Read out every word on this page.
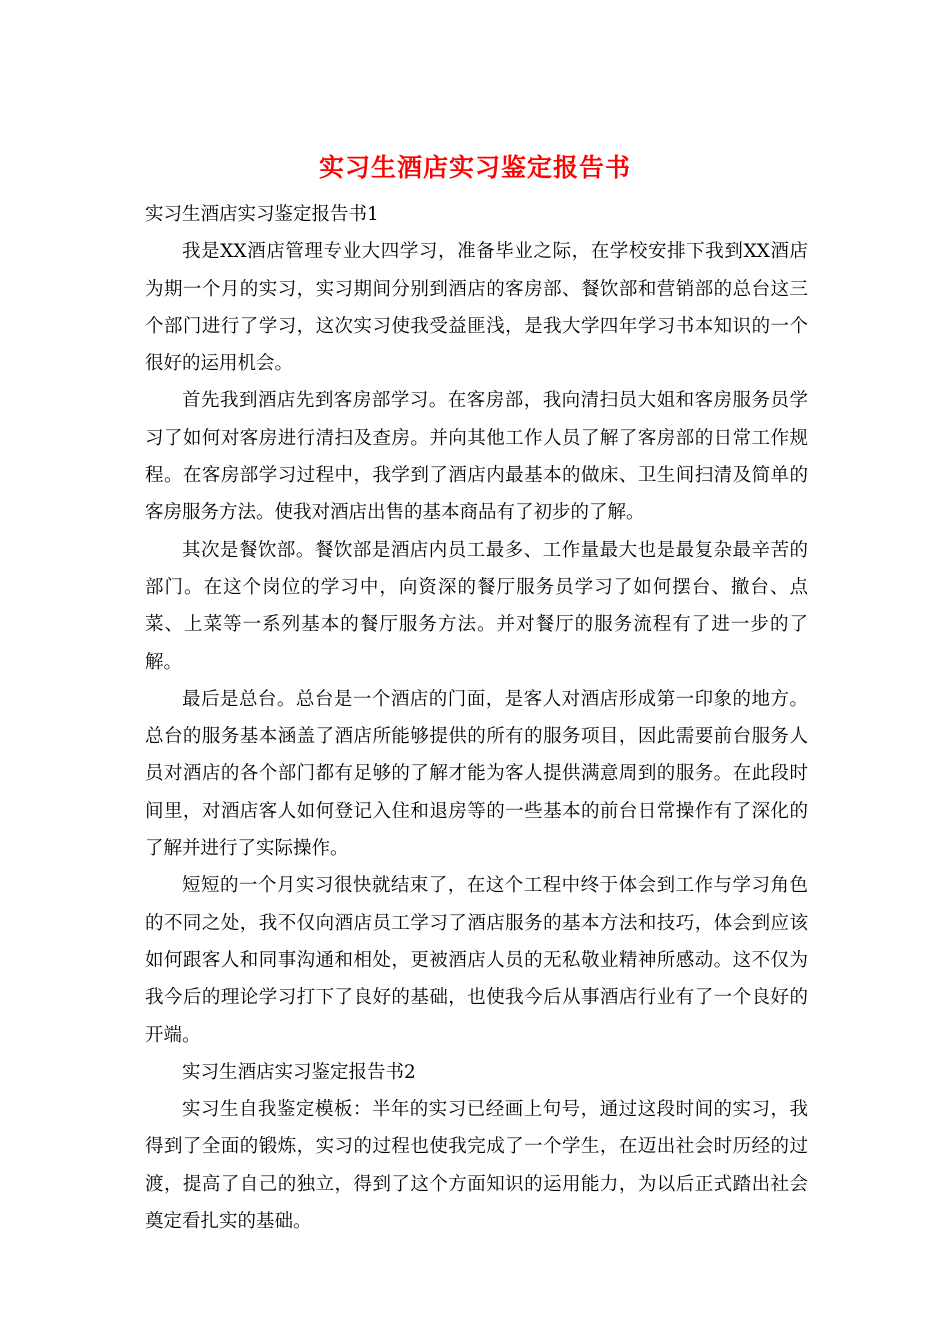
实习生酒店实习鉴定报告书

实习生酒店实习鉴定报告书1

我是XX酒店管理专业大四学习，准备毕业之际，在学校安排下我到XX酒店为期一个月的实习，实习期间分别到酒店的客房部、餐饮部和营销部的总台这三个部门进行了学习，这次实习使我受益匪浅，是我大学四年学习书本知识的一个很好的运用机会。

首先我到酒店先到客房部学习。在客房部，我向清扫员大姐和客房服务员学习了如何对客房进行清扫及查房。并向其他工作人员了解了客房部的日常工作规程。在客房部学习过程中，我学到了酒店内最基本的做床、卫生间扫清及简单的客房服务方法。使我对酒店出售的基本商品有了初步的了解。

其次是餐饮部。餐饮部是酒店内员工最多、工作量最大也是最复杂最辛苦的部门。在这个岗位的学习中，向资深的餐厅服务员学习了如何摆台、撤台、点菜、上菜等一系列基本的餐厅服务方法。并对餐厅的服务流程有了进一步的了解。

最后是总台。总台是一个酒店的门面，是客人对酒店形成第一印象的地方。总台的服务基本涵盖了酒店所能够提供的所有的服务项目，因此需要前台服务人员对酒店的各个部门都有足够的了解才能为客人提供满意周到的服务。在此段时间里，对酒店客人如何登记入住和退房等的一些基本的前台日常操作有了深化的了解并进行了实际操作。

短短的一个月实习很快就结束了，在这个工程中终于体会到工作与学习角色的不同之处，我不仅向酒店员工学习了酒店服务的基本方法和技巧，体会到应该如何跟客人和同事沟通和相处，更被酒店人员的无私敬业精神所感动。这不仅为我今后的理论学习打下了良好的基础，也使我今后从事酒店行业有了一个良好的开端。

实习生酒店实习鉴定报告书2

实习生自我鉴定模板：半年的实习已经画上句号，通过这段时间的实习，我得到了全面的锻炼，实习的过程也使我完成了一个学生，在迈出社会时历经的过渡，提高了自己的独立，得到了这个方面知识的运用能力，为以后正式踏出社会奠定看扎实的基础。
